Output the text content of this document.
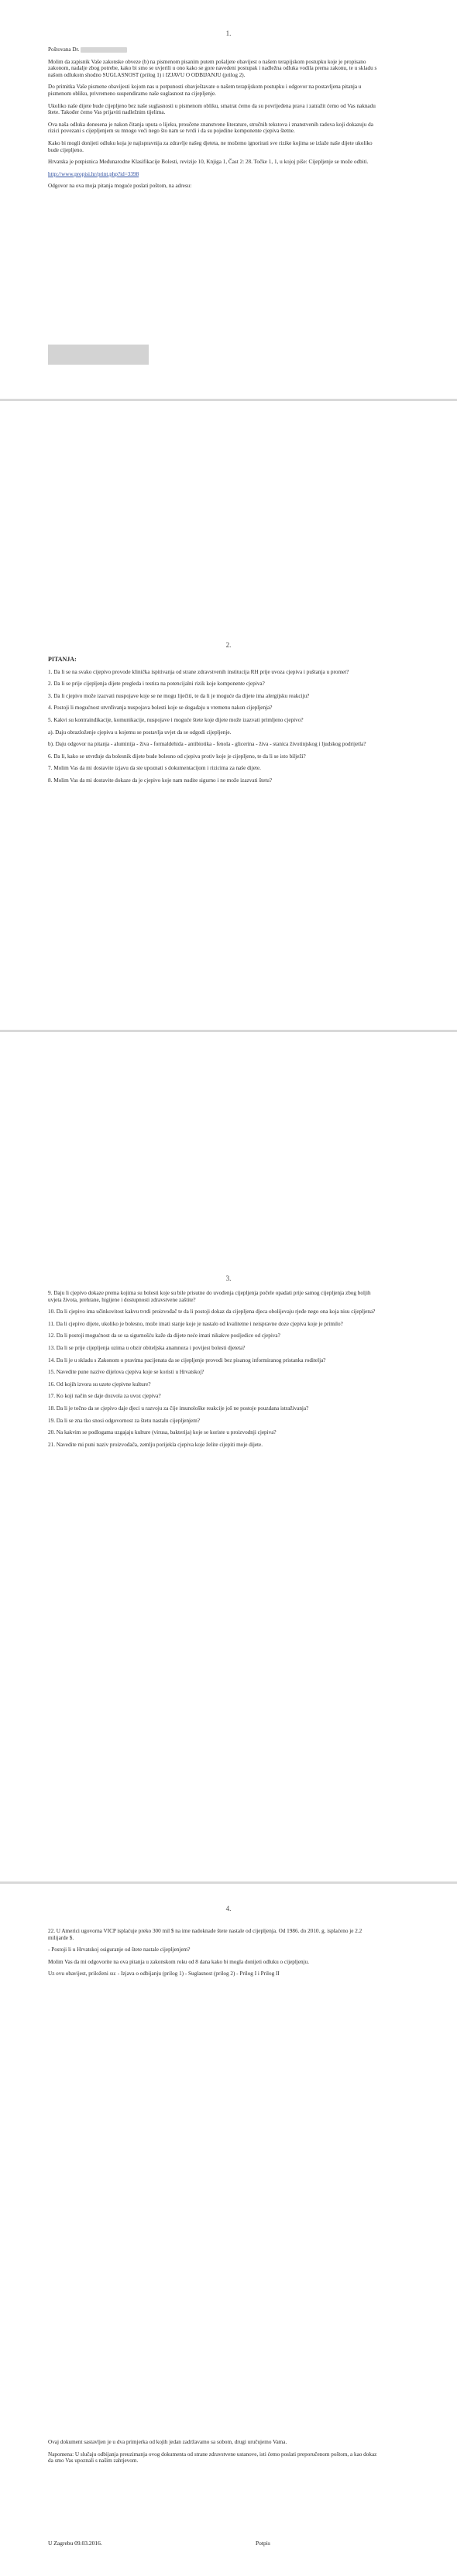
1.

Poštovana Dr.

Molim da zapisnik Vaše zakonske obveze (b) na pismenom pisanim putem pošaljete obavijest o našem terapijskom postupku koje je propisano zakonom, nadalje zbog potrebe, kako bi smo se uvjerili u ono kako se gore navedeni postupak i nadležna odluka vodila prema zakonu, te u skladu s našom odlukom shodno SUGLASNOST (prilog 1) i IZJAVU O ODBIJANJU (prilog 2).

Do primitka Vaše pismene obavijesti kojom nas u potpunosti obavještavate o našem terapijskom postupku i odgovor na postavljena pitanja u pismenom obliku, privremeno suspendiramo naše suglasnost na cijepljenje.

Ukoliko naše dijete bude cijepljeno bez naše suglasnosti u pismenom obliku, smatrat ćemo da su povrijeđena prava i zatražit ćemo od Vas naknadu štete. Također ćemo Vas prijaviti nadležnim tijelima.

Ova naša odluka donesena je nakon čitanja uputa o lijeku, proučene znanstvene literature, stručnih tekstova i znanstvenih radova koji dokazuju da rizici povezani s cijepljenjem su mnogo veći nego što nam se tvrdi i da su pojedine komponente cjepiva štetne.

Kako bi mogli donijeti odluku koja je najispravnija za zdravlje našeg djeteta, ne možemo ignorirati sve rizike kojima se izlaže naše dijete ukoliko bude cijepljeno.

Hrvatska je potpisnica Međunarodne Klasifikacije Bolesti, revizije 10, Knjiga 1, Čast 2: 28. Točke 1, 1, u kojoj piše: Cijepljenje se može odbiti.

http://www.propisi.hr/print.php?id=3398

Odgovor na ova moja pitanja moguće poslati poštom, na adresu:

2.

PITANJA:

1. Da li se na svako cijepivo provode klinička ispitivanja od strane zdravstvenih institucija RH prije uvoza cjepiva i puštanja u promet?

2. Da li se prije cijepljenja dijete pregleda i testira na potencijalni rizik koje komponente cjepiva?

3. Da li cjepivo može izazvati nuspojave koje se ne mogu liječiti, te da li je moguće da dijete ima alergijsku reakciju?

4. Postoji li mogućnost utvrđivanja nuspojava bolesti koje se događaju u vremenu nakon cijepljenja?

5. Kakvi su kontraindikacije, komunikacije, nuspojave i moguće štete koje dijete može izazvati primljeno cjepivo?

a). Daju obrazloženje cjepiva u kojemu se postavlja uvjet da se odgodi cijepljenje.

b). Daju odgovor na pitanja - aluminija - živa - formaldehida - antibiotika - fenola - glicerina - živa - stanica životinjskog i ljudskog podrijetla?

6. Da li, kako se utvrđuje da bolesnik dijete bude bolesno od cjepiva protiv koje je cijepljeno, te da li se isto bilježi?

7. Molim Vas da mi dostavite izjavu da ste upoznati s dokumentacijom i rizicima za naše dijete.

8. Molim Vas da mi dostavite dokaze da je cjepivo koje nam nudite sigurno i ne može izazvati štetu?

3.

9. Daju li cjepivo dokaze prema kojima su bolesti koje su bile prisutne do uvođenja cijepljenja počele opadati prije samog cijepljenja zbog boljih uvjeta života, prehrane, higijene i dostupnosti zdravstvene zaštite?

10. Da li cjepivo ima učinkovitost kakvu tvrdi proizvođač te da li postoji dokaz da cijepljena djeca obolijevaju rjeđe nego ona koja nisu cijepljena?

11. Da li cjepivo dijete, ukoliko je bolesno, može imati stanje koje je nastalo od kvalitetne i neispravne doze cjepiva koje je primilo?

12. Da li postoji mogućnost da se sa sigurnošću kaže da dijete neće imati nikakve posljedice od cjepiva?

13. Da li se prije cijepljenja uzima u obzir obiteljska anamneza i povijest bolesti djeteta?

14. Da li je u skladu s Zakonom o pravima pacijenata da se cijepljenje provodi bez pisanog informiranog pristanka roditelja?

15. Navedite pune nazive dijelova cjepiva koje se koristi u Hrvatskoj?

16. Od kojih izvora su uzete cjepivne kulture?

17. Ko koji način se daje dozvola za uvoz cjepiva?

18. Da li je točno da se cjepivo daje djeci u razvoju za čije imunološke reakcije još ne postoje pouzdana istraživanja?

19. Da li se zna tko snosi odgovornost za štetu nastalu cijepljenjem?

20. Na kakvim se podlogama uzgajaju kulture (virusa, bakterija) koje se koriste u proizvodnji cjepiva?

21. Navedite mi puni naziv proizvođača, zemlju porijekla cjepiva koje želite cijepiti moje dijete.

4.

22. U Americi ugovorna VICP isplaćuje preko 300 mil $ na ime nadoknade štete nastale od cijepljenja. Od 1986. do 2010. g. isplaćeno je 2.2 milijarde $.

- Postoji li u Hrvatskoj osiguranje od štete nastale cijepljenjem?

Molim Vas da mi odgovorite na ova pitanja u zakonskom roku od 8 dana kako bi mogla donijeti odluku o cijepljenju.

Uz ovu obavijest, priloženi su: - Izjava o odbijanju (prilog 1) - Suglasnost (prilog 2) - Prilog I i Prilog II

Ovaj dokument sastavljen je u dva primjerka od kojih jedan zadržavamo sa sobom, drugi uručujemo Vama.

Napomena: U slučaju odbijanja preuzimanja ovog dokumenta od strane zdravstvene ustanove, isti ćemo poslati preporučenom poštom, a kao dokaz da smo Vas upoznali s našim zahtjevom.

U Zagrebu 09.03.2016.	Potpis
